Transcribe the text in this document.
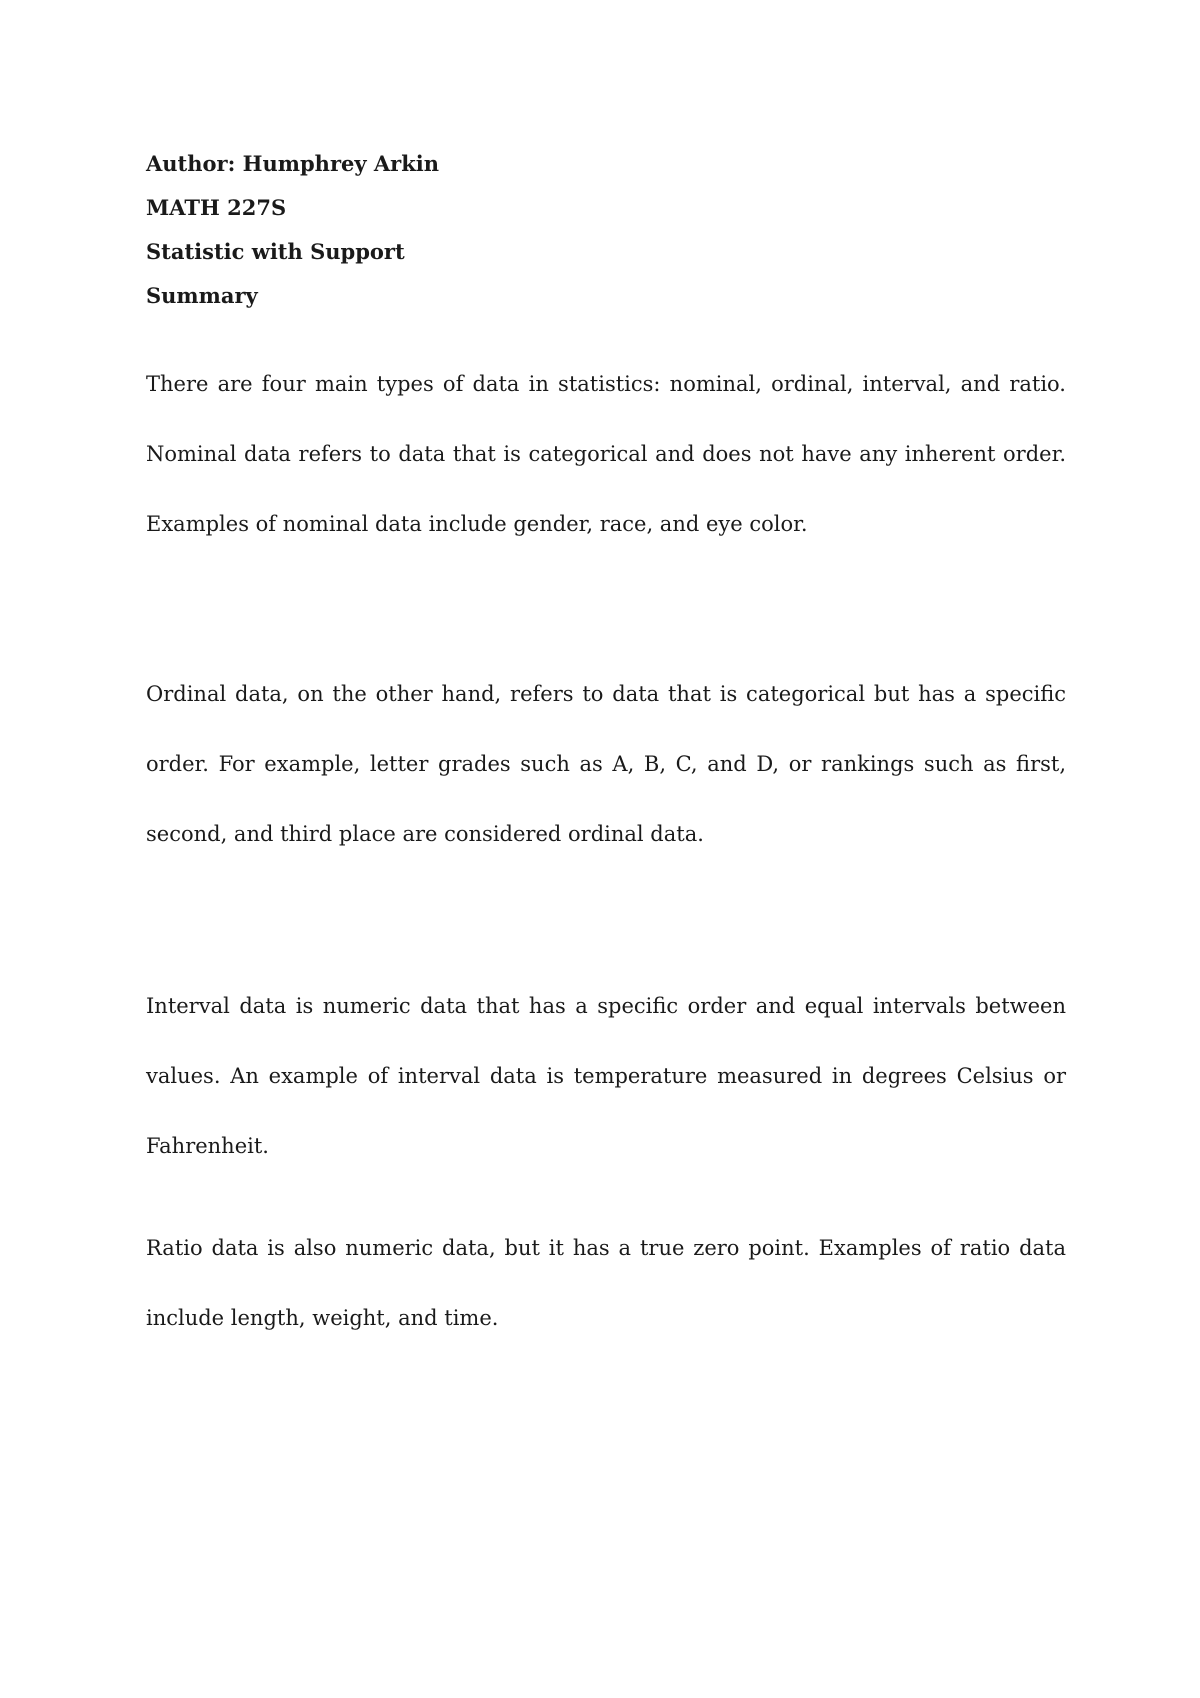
Author: Humphrey Arkin
MATH 227S
Statistic with Support
Summary

There are four main types of data in statistics: nominal, ordinal, interval, and ratio. Nominal data refers to data that is categorical and does not have any inherent order. Examples of nominal data include gender, race, and eye color.

Ordinal data, on the other hand, refers to data that is categorical but has a specific order. For example, letter grades such as A, B, C, and D, or rankings such as first, second, and third place are considered ordinal data.

Interval data is numeric data that has a specific order and equal intervals between values. An example of interval data is temperature measured in degrees Celsius or Fahrenheit.

Ratio data is also numeric data, but it has a true zero point. Examples of ratio data include length, weight, and time.
